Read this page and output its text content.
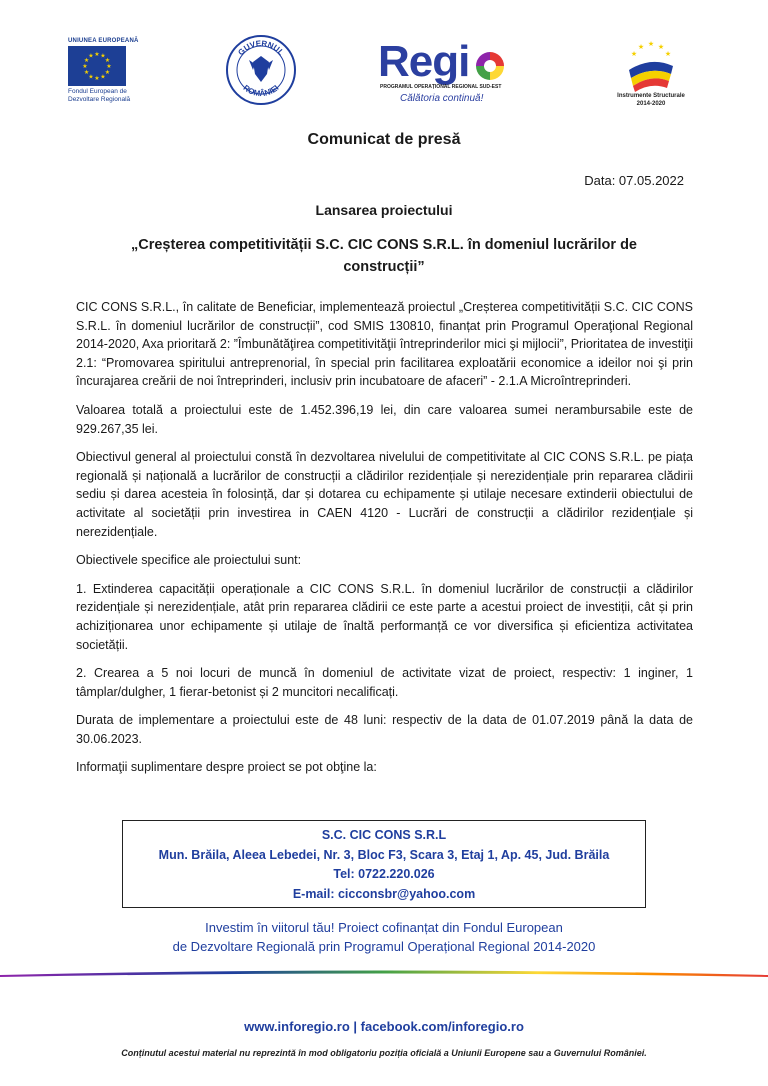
UNIUNEA EUROPEANĂ
★ ★
★
★
★
★
★
★
★
★
★
★
Fondul European de
Dezvoltare Regională
GUVERNUL
ROMÂNIEI
Regi
PROGRAMUL OPERAȚIONAL REGIONAL SUD-EST
Călătoria continuă!
★ ★
★
★
★
Instrumente Structurale
2014-2020
Comunicat de presă
Data: 07.05.2022
Lansarea proiectului
„Creșterea competitivității S.C. CIC CONS S.R.L. în domeniul lucrărilor de construcții”

CIC CONS S.R.L., în calitate de Beneficiar, implementează proiectul „Creșterea competitivității S.C. CIC CONS S.R.L. în domeniul lucrărilor de construcții”, cod SMIS 130810, finanțat prin Programul Operaţional Regional 2014-2020, Axa prioritară 2: ”Îmbunătăţirea competitivităţii întreprinderilor mici şi mijlocii”, Prioritatea de investiţii 2.1: “Promovarea spiritului antreprenorial, în special prin facilitarea exploatării economice a ideilor noi şi prin încurajarea creării de noi întreprinderi, inclusiv prin incubatoare de afaceri” - 2.1.A Microîntreprinderi.

Valoarea totală a proiectului este de 1.452.396,19 lei, din care valoarea sumei nerambursabile este de 929.267,35 lei.

Obiectivul general al proiectului constă în dezvoltarea nivelului de competitivitate al CIC CONS S.R.L. pe piața regională și națională a lucrărilor de construcții a clădirilor rezidențiale și nerezidențiale prin repararea clădirii sediu și darea acesteia în folosință, dar și dotarea cu echipamente și utilaje necesare extinderii obiectului de activitate al societății prin investirea in CAEN 4120 - Lucrări de construcții a clădirilor rezidențiale și nerezidențiale.

Obiectivele specifice ale proiectului sunt:

1. Extinderea capacității operaționale a CIC CONS S.R.L. în domeniul lucrărilor de construcții a clădirilor rezidențiale și nerezidențiale, atât prin repararea clădirii ce este parte a acestui proiect de investiții, cât și prin achiziționarea unor echipamente și utilaje de înaltă performanță ce vor diversifica și eficientiza activitatea societății.

2. Crearea a 5 noi locuri de muncă în domeniul de activitate vizat de proiect, respectiv: 1 inginer, 1 tâmplar/dulgher, 1 fierar-betonist și 2 muncitori necalificați.

Durata de implementare a proiectului este de 48 luni: respectiv de la data de 01.07.2019 până la data de 30.06.2023.

Informaţii suplimentare despre proiect se pot obţine la:

S.C. CIC CONS S.R.L
Mun. Brăila, Aleea Lebedei, Nr. 3, Bloc F3, Scara 3, Etaj 1, Ap. 45, Jud. Brăila
Tel: 0722.220.026
E-mail: cicconsbr@yahoo.com
Investim în viitorul tău! Proiect cofinanțat din Fondul European
de Dezvoltare Regională prin Programul Operațional Regional 2014-2020
www.inforegio.ro | facebook.com/inforegio.ro
Conținutul acestui material nu reprezintă în mod obligatoriu poziția oficială a Uniunii Europene sau a Guvernului României.
